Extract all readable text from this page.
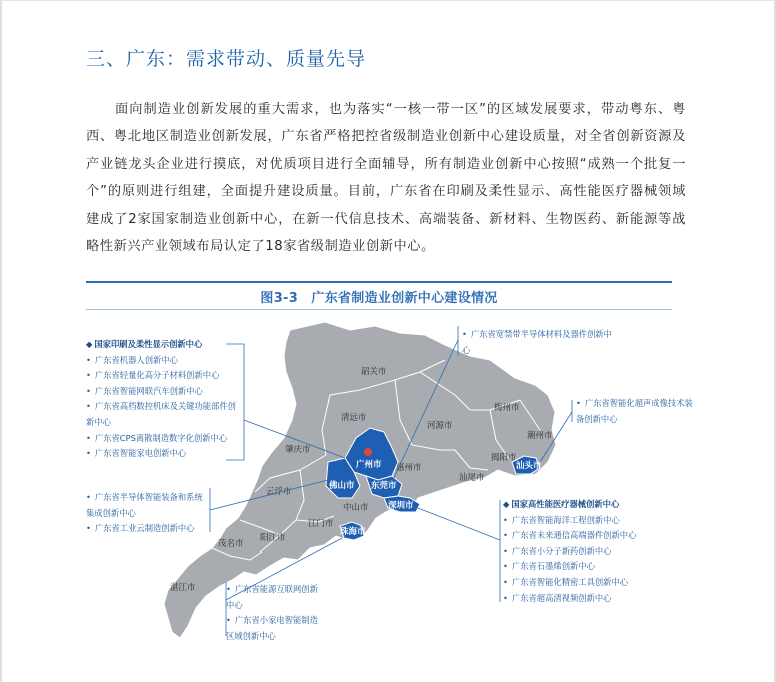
三、广东：需求带动、质量先导

面向制造业创新发展的重大需求，也为落实“一核一带一区”的区域发展要求，带动粤东、粤西、粤北地区制造业创新发展，广东省严格把控省级制造业创新中心建设质量，对全省创新资源及产业链龙头企业进行摸底，对优质项目进行全面辅导，所有制造业创新中心按照“成熟一个批复一个”的原则进行组建，全面提升建设质量。目前，广东省在印刷及柔性显示、高性能医疗器械领域建成了2家国家制造业创新中心，在新一代信息技术、高端装备、新材料、生物医药、新能源等战略性新兴产业领域布局认定了18家省级制造业创新中心。

图3-3　广东省制造业创新中心建设情况
韶关市
清远市
河源市
梅州市
肇庆市
广州市 惠州市
潮州市
揭阳市
汕头市
汕尾市
云浮市
佛山市 东莞市
中山市 深圳市
江门市
珠海市
阳江市
茂名市
湛江市
◆ 国家印刷及柔性显示创新中心
• 广东省机器人创新中心
• 广东省轻量化高分子材料创新中心
• 广东省智能网联汽车创新中心
• 广东省高档数控机床及关键功能部件创新中心
• 广东省CPS离散制造数字化创新中心
• 广东省智能家电创新中心
• 广东省半导体智能装备和系统集成创新中心
• 广东省工业云制造创新中心
• 广东省能源互联网创新中心
• 广东省小家电智能制造区域创新中心
• 广东省宽禁带半导体材料及器件创新中心
• 广东省智能化超声成像技术装备创新中心
◆ 国家高性能医疗器械创新中心
• 广东省智能海洋工程创新中心
• 广东省未来通信高端器件创新中心
• 广东省小分子新药创新中心
• 广东省石墨烯创新中心
• 广东省智能化精密工具创新中心
• 广东省超高清视频创新中心
